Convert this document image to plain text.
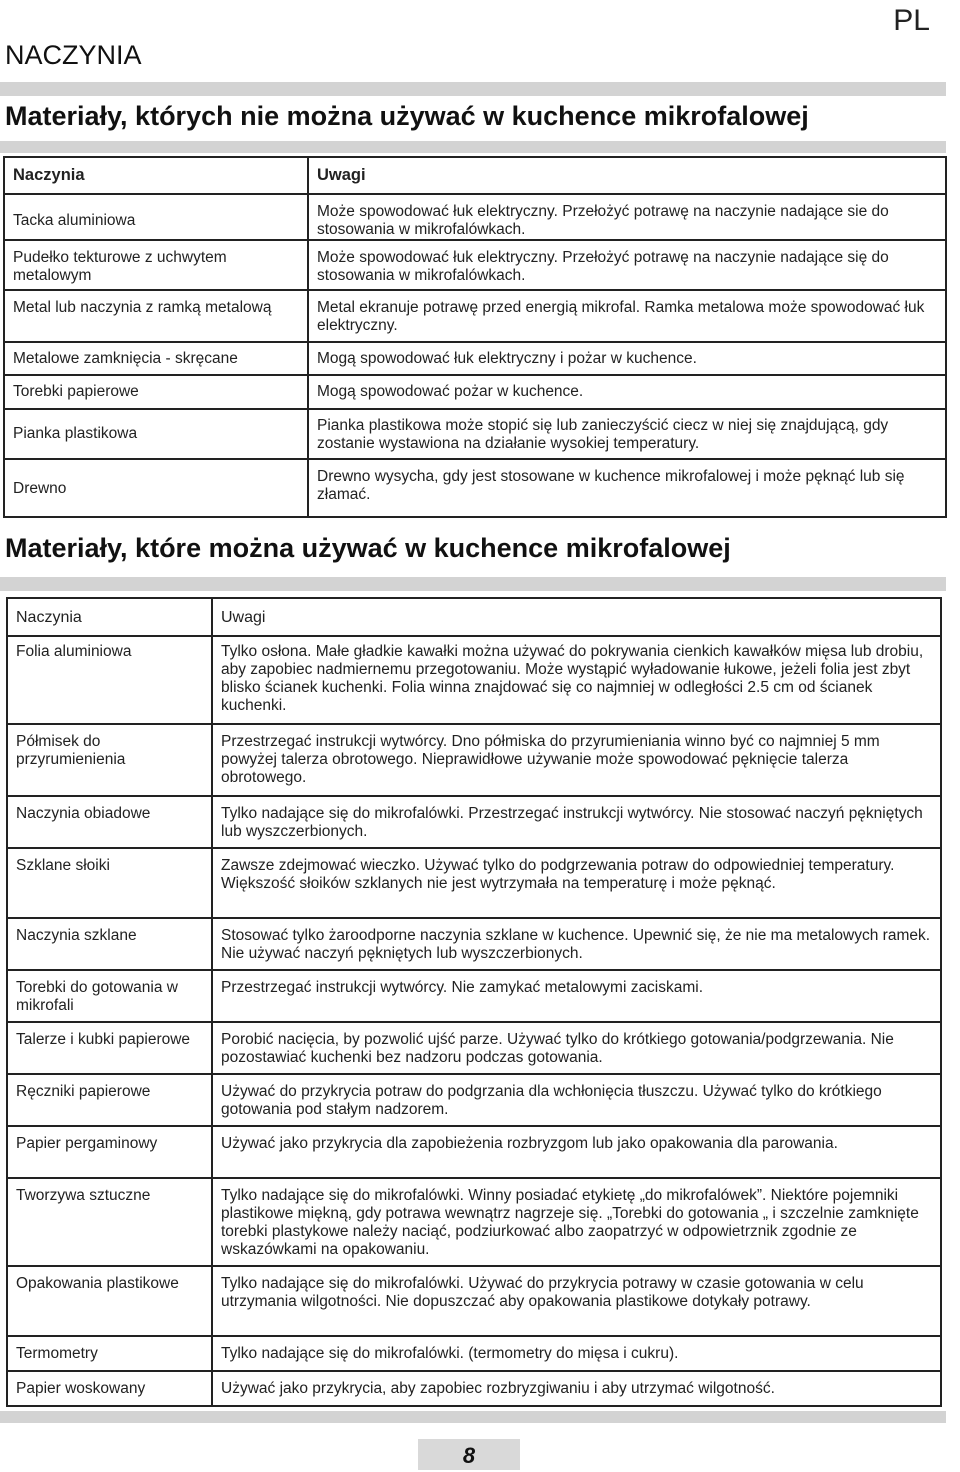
PL
NACZYNIA
Materiały, których nie można używać w kuchence mikrofalowej
Naczynia	Uwagi
Tacka aluminiowa	Może spowodować łuk elektryczny. Przełożyć potrawę na naczynie nadające sie do stosowania w mikrofalówkach.
Pudełko tekturowe z uchwytem metalowym	Może spowodować łuk elektryczny. Przełożyć potrawę na naczynie nadające się do stosowania w mikrofalówkach.
Metal lub naczynia z ramką metalową	Metal ekranuje potrawę przed energią mikrofal. Ramka metalowa może spowodować łuk elektryczny.
Metalowe zamknięcia - skręcane	Mogą spowodować łuk elektryczny i pożar w kuchence.
Torebki papierowe	Mogą spowodować pożar w kuchence.
Pianka plastikowa	Pianka plastikowa może stopić się lub zanieczyścić ciecz w niej się znajdującą, gdy zostanie wystawiona na działanie wysokiej temperatury.
Drewno	Drewno wysycha, gdy jest stosowane w kuchence mikrofalowej i może pęknąć lub się złamać.
Materiały, które można używać w kuchence mikrofalowej
Naczynia	Uwagi
Folia aluminiowa	Tylko osłona. Małe gładkie kawałki można używać do pokrywania cienkich kawałków mięsa lub drobiu, aby zapobiec nadmiernemu przegotowaniu. Może wystąpić wyładowanie łukowe, jeżeli folia jest zbyt blisko ścianek kuchenki. Folia winna znajdować się co najmniej w odległości 2.5 cm od ścianek kuchenki.
Półmisek do przyrumienienia	Przestrzegać instrukcji wytwórcy. Dno półmiska do przyrumieniania winno być co najmniej 5 mm powyżej talerza obrotowego. Nieprawidłowe używanie może spowodować pęknięcie talerza obrotowego.
Naczynia obiadowe	Tylko nadające się do mikrofalówki. Przestrzegać instrukcji wytwórcy. Nie stosować naczyń pękniętych lub wyszczerbionych.
Szklane słoiki	Zawsze zdejmować wieczko. Używać tylko do podgrzewania potraw do odpowiedniej temperatury. Większość słoików szklanych nie jest wytrzymała na temperaturę i może pęknąć.
Naczynia szklane	Stosować tylko żaroodporne naczynia szklane w kuchence. Upewnić się, że nie ma metalowych ramek. Nie używać naczyń pękniętych lub wyszczerbionych.
Torebki do gotowania w mikrofali	Przestrzegać instrukcji wytwórcy. Nie zamykać metalowymi zaciskami.
Talerze i kubki papierowe	Porobić nacięcia, by pozwolić ujść parze. Używać tylko do krótkiego gotowania/podgrzewania. Nie pozostawiać kuchenki bez nadzoru podczas gotowania.
Ręczniki papierowe	Używać do przykrycia potraw do podgrzania dla wchłonięcia tłuszczu. Używać tylko do krótkiego gotowania pod stałym nadzorem.
Papier pergaminowy	Używać jako przykrycia dla zapobieżenia rozbryzgom lub jako opakowania dla parowania.
Tworzywa sztuczne	Tylko nadające się do mikrofalówki. Winny posiadać etykietę „do mikrofalówek”. Niektóre pojemniki plastikowe miękną, gdy potrawa wewnątrz nagrzeje się. „Torebki do gotowania „ i szczelnie zamknięte torebki plastykowe należy naciąć, podziurkować albo zaopatrzyć w odpowietrznik zgodnie ze wskazówkami na opakowaniu.
Opakowania plastikowe	Tylko nadające się do mikrofalówki. Używać do przykrycia potrawy w czasie gotowania w celu utrzymania wilgotności. Nie dopuszczać aby opakowania plastikowe dotykały potrawy.
Termometry	Tylko nadające się do mikrofalówki. (termometry do mięsa i cukru).
Papier woskowany	Używać jako przykrycia, aby zapobiec rozbryzgiwaniu i aby utrzymać wilgotność.
8
